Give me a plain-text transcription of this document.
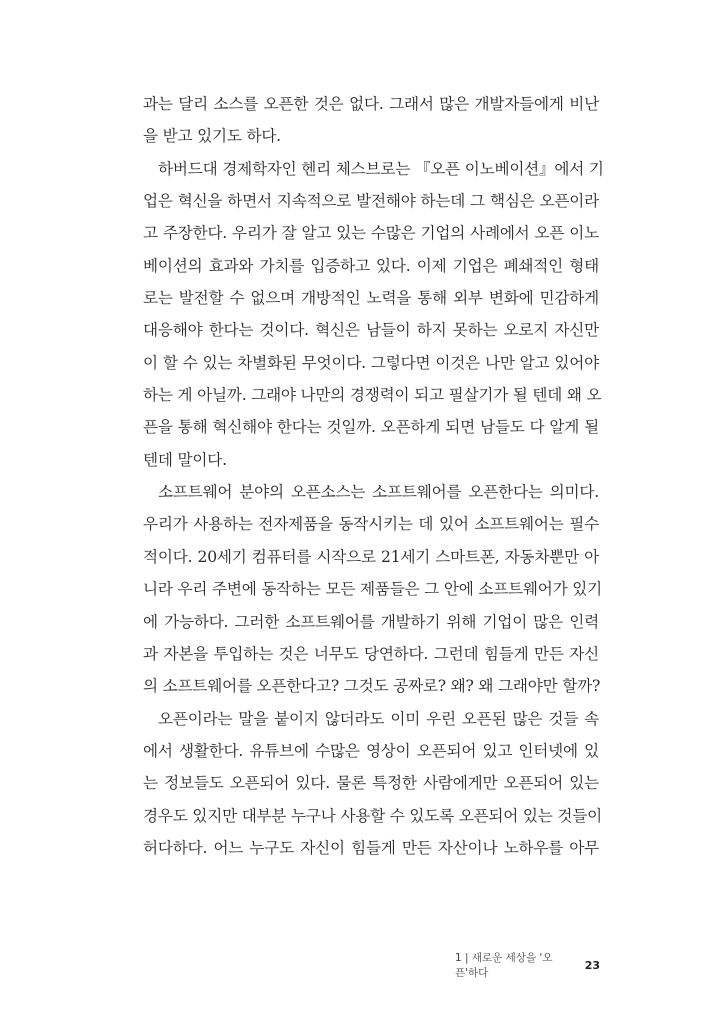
과는 달리 소스를 오픈한 것은 없다. 그래서 많은 개발자들에게 비난
을 받고 있기도 하다.
하버드대 경제학자인 헨리 체스브로는 『오픈 이노베이션』에서 기
업은 혁신을 하면서 지속적으로 발전해야 하는데 그 핵심은 오픈이라
고 주장한다. 우리가 잘 알고 있는 수많은 기업의 사례에서 오픈 이노
베이션의 효과와 가치를 입증하고 있다. 이제 기업은 폐쇄적인 형태
로는 발전할 수 없으며 개방적인 노력을 통해 외부 변화에 민감하게
대응해야 한다는 것이다. 혁신은 남들이 하지 못하는 오로지 자신만
이 할 수 있는 차별화된 무엇이다. 그렇다면 이것은 나만 알고 있어야
하는 게 아닐까. 그래야 나만의 경쟁력이 되고 필살기가 될 텐데 왜 오
픈을 통해 혁신해야 한다는 것일까. 오픈하게 되면 남들도 다 알게 될
텐데 말이다.
소프트웨어 분야의 오픈소스는 소프트웨어를 오픈한다는 의미다.
우리가 사용하는 전자제품을 동작시키는 데 있어 소프트웨어는 필수
적이다. 20세기 컴퓨터를 시작으로 21세기 스마트폰, 자동차뿐만 아
니라 우리 주변에 동작하는 모든 제품들은 그 안에 소프트웨어가 있기
에 가능하다. 그러한 소프트웨어를 개발하기 위해 기업이 많은 인력
과 자본을 투입하는 것은 너무도 당연하다. 그런데 힘들게 만든 자신
의 소프트웨어를 오픈한다고? 그것도 공짜로? 왜? 왜 그래야만 할까?
오픈이라는 말을 붙이지 않더라도 이미 우린 오픈된 많은 것들 속
에서 생활한다. 유튜브에 수많은 영상이 오픈되어 있고 인터넷에 있
는 정보들도 오픈되어 있다. 물론 특정한 사람에게만 오픈되어 있는
경우도 있지만 대부분 누구나 사용할 수 있도록 오픈되어 있는 것들이
허다하다. 어느 누구도 자신이 힘들게 만든 자산이나 노하우를 아무
1 | 새로운 세상을 '오픈'하다
23
